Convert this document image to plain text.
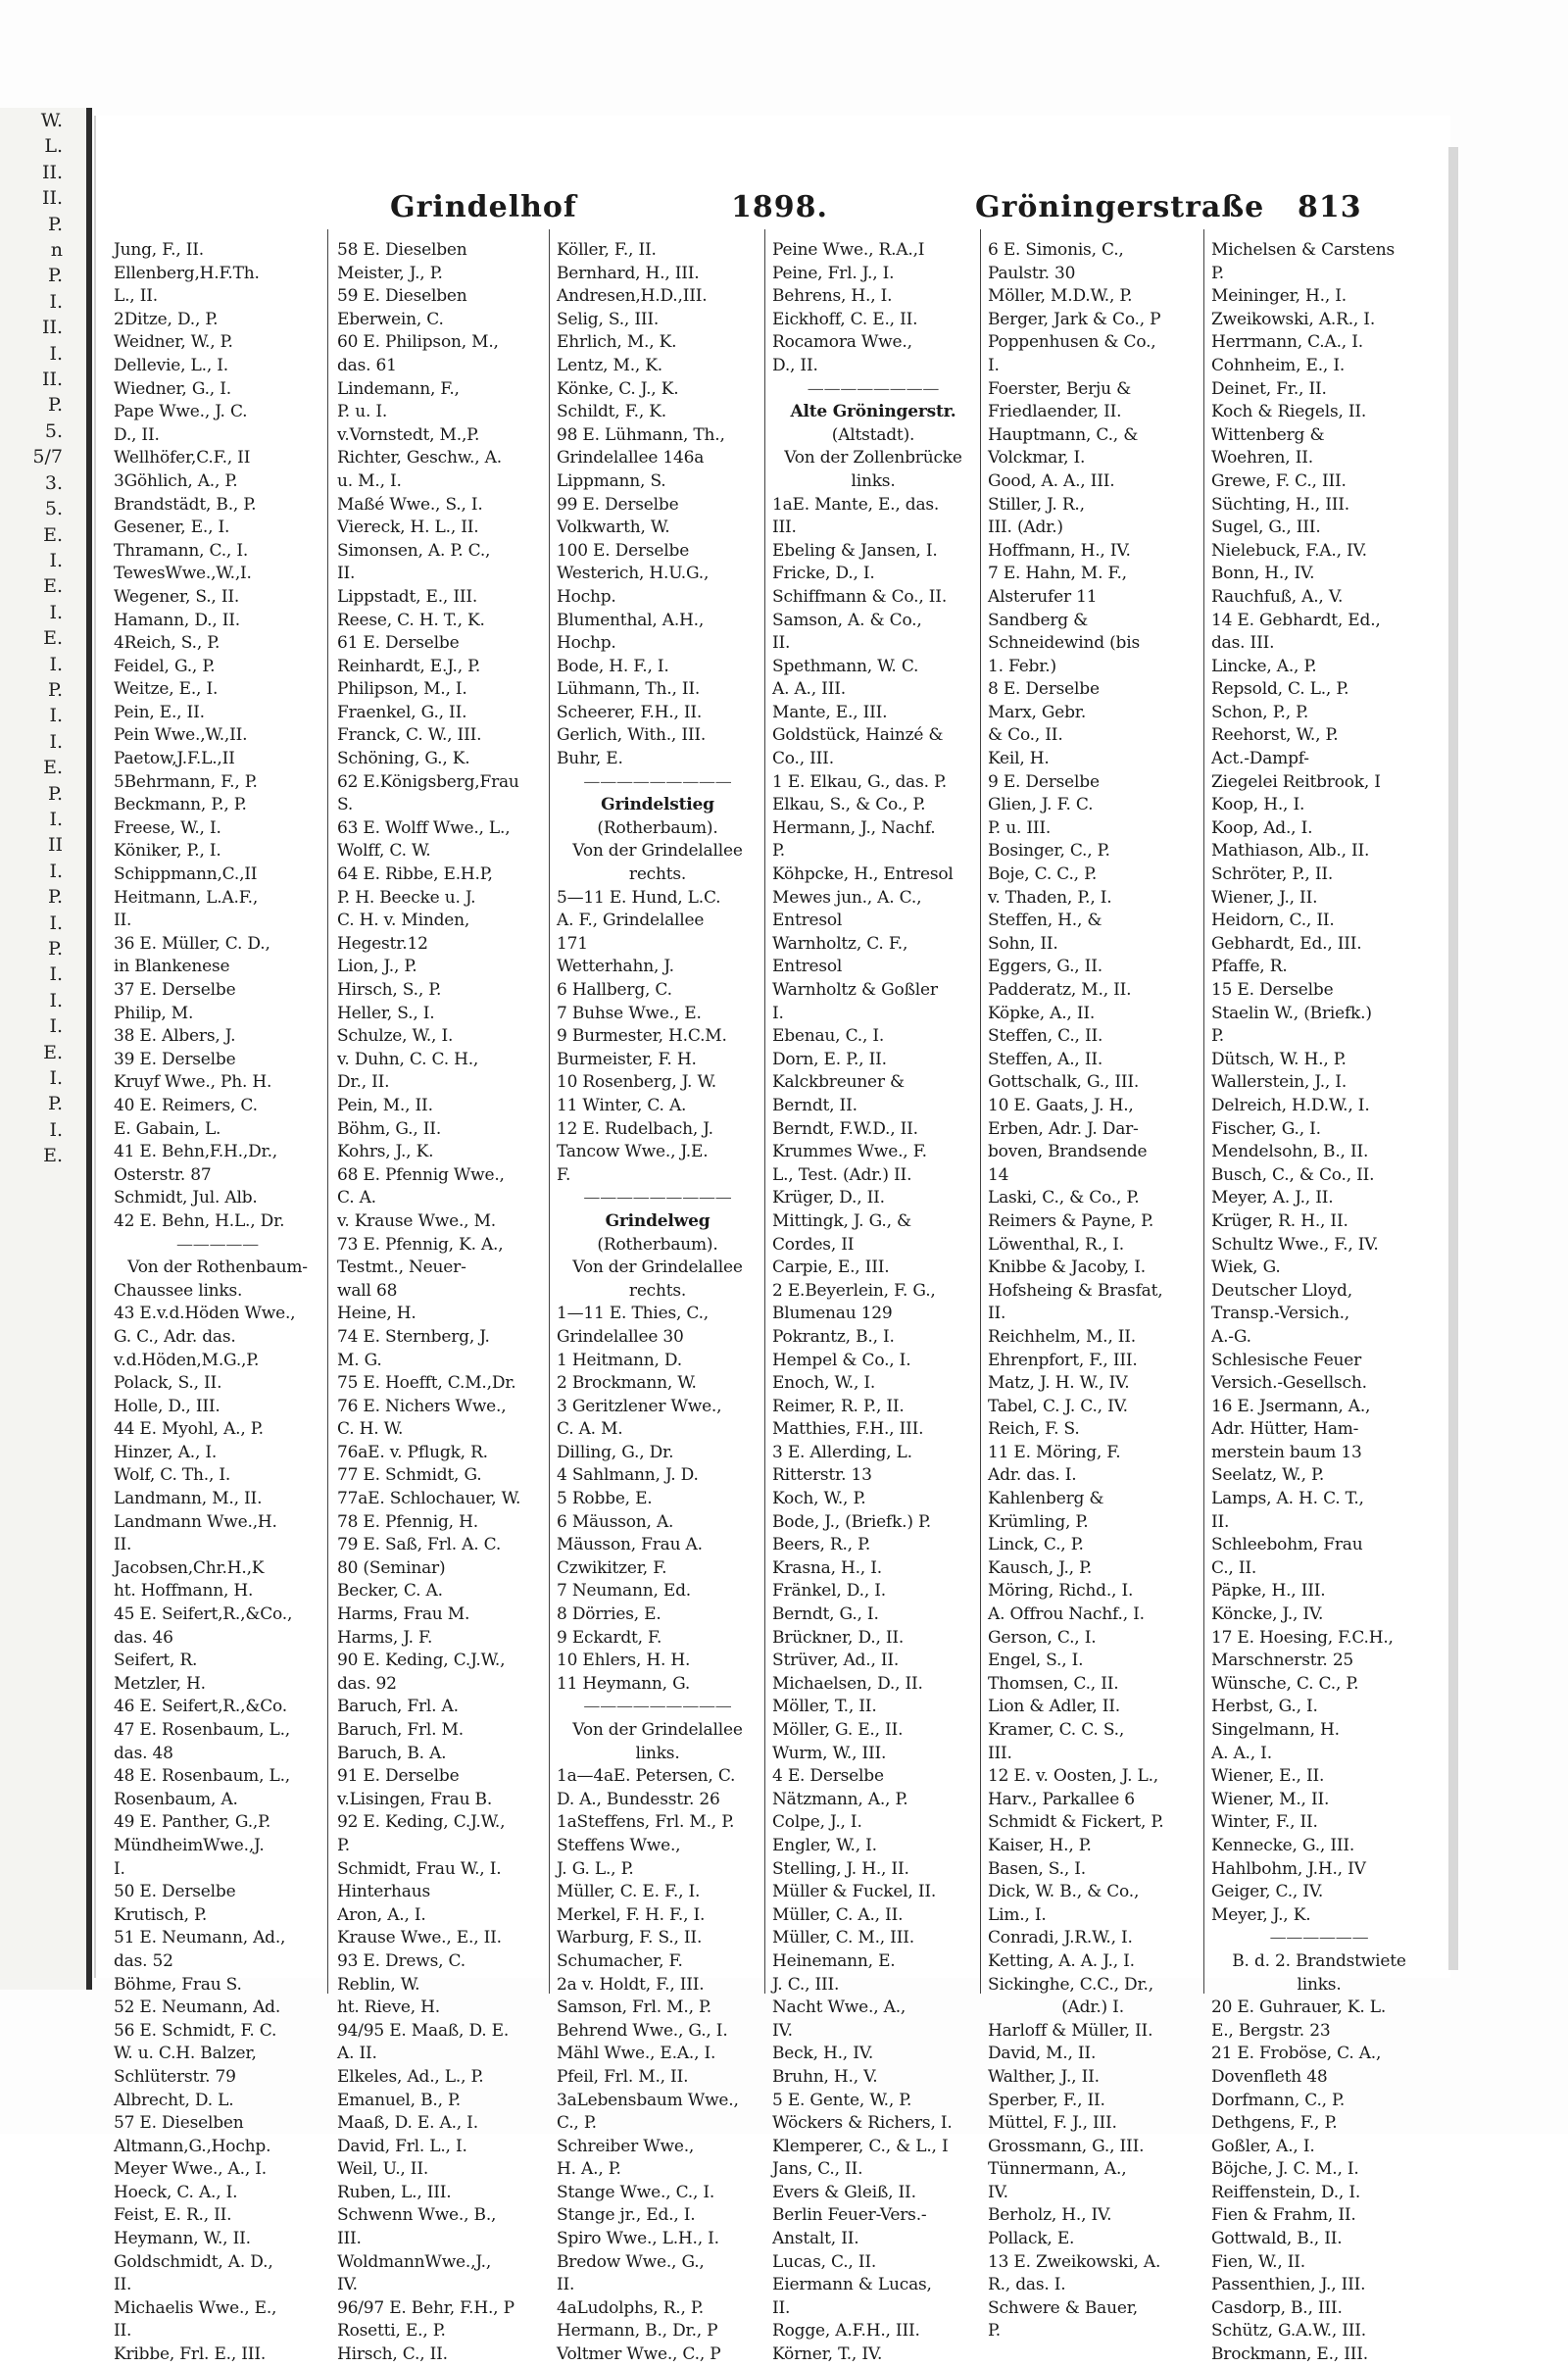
W.
L.
II.
II.
P.
n
P.
I.
II.
I.
II.
P.
5.
5/7
3.
5.
E.
I.
E.
I.
E.
I.
P.
I.
I.
E.
P.
I.
II
I.
P.
I.
P.
I.
I.
I.
E.
I.
P.
I.
E.
Grindelhof	1898.	Gröningerstraße 813
Jung, F., II.
Ellenberg,H.F.Th.
L., II.
2Ditze, D., P.
Weidner, W., P.
Dellevie, L., I.
Wiedner, G., I.
Pape Wwe., J. C.
D., II.
Wellhöfer,C.F., II
3Göhlich, A., P.
Brandstädt, B., P.
Gesener, E., I.
Thramann, C., I.
TewesWwe.,W.,I.
Wegener, S., II.
Hamann, D., II.
4Reich, S., P.
Feidel, G., P.
Weitze, E., I.
Pein, E., II.
Pein Wwe.,W.,II.
Paetow,J.F.L.,II
5Behrmann, F., P.
Beckmann, P., P.
Freese, W., I.
Köniker, P., I.
Schippmann,C.,II
Heitmann, L.A.F.,
II.
36 E. Müller, C. D.,
in Blankenese
37 E. Derselbe
Philip, M.
38 E. Albers, J.
39 E. Derselbe
Kruyf Wwe., Ph. H.
40 E. Reimers, C.
E. Gabain, L.
41 E. Behn,F.H.,Dr.,
Osterstr. 87
Schmidt, Jul. Alb.
42 E. Behn, H.L., Dr.
—————
Von der Rothenbaum-
Chaussee links.
43 E.v.d.Höden Wwe.,
G. C., Adr. das.
v.d.Höden,M.G.,P.
Polack, S., II.
Holle, D., III.
44 E. Myohl, A., P.
Hinzer, A., I.
Wolf, C. Th., I.
Landmann, M., II.
Landmann Wwe.,H.
II.
Jacobsen,Chr.H.,K
ht. Hoffmann, H.
45 E. Seifert,R.,&Co.,
das. 46
Seifert, R.
Metzler, H.
46 E. Seifert,R.,&Co.
47 E. Rosenbaum, L.,
das. 48
48 E. Rosenbaum, L.,
Rosenbaum, A.
49 E. Panther, G.,P.
MündheimWwe.,J.
I.
50 E. Derselbe
Krutisch, P.
51 E. Neumann, Ad.,
das. 52
Böhme, Frau S.
52 E. Neumann, Ad.
56 E. Schmidt, F. C.
W. u. C.H. Balzer,
Schlüterstr. 79
Albrecht, D. L.
57 E. Dieselben
Altmann,G.,Hochp.
Meyer Wwe., A., I.
Hoeck, C. A., I.
Feist, E. R., II.
Heymann, W., II.
Goldschmidt, A. D.,
II.
Michaelis Wwe., E.,
II.
Kribbe, Frl. E., III.
58 E. Dieselben
Meister, J., P.
59 E. Dieselben
Eberwein, C.
60 E. Philipson, M.,
das. 61
Lindemann, F.,
P. u. I.
v.Vornstedt, M.,P.
Richter, Geschw., A.
u. M., I.
Maßé Wwe., S., I.
Viereck, H. L., II.
Simonsen, A. P. C.,
II.
Lippstadt, E., III.
Reese, C. H. T., K.
61 E. Derselbe
Reinhardt, E.J., P.
Philipson, M., I.
Fraenkel, G., II.
Franck, C. W., III.
Schöning, G., K.
62 E.Königsberg,Frau
S.
63 E. Wolff Wwe., L.,
Wolff, C. W.
64 E. Ribbe, E.H.P,
P. H. Beecke u. J.
C. H. v. Minden,
Hegestr.12
Lion, J., P.
Hirsch, S., P.
Heller, S., I.
Schulze, W., I.
v. Duhn, C. C. H.,
Dr., II.
Pein, M., II.
Böhm, G., II.
Kohrs, J., K.
68 E. Pfennig Wwe.,
C. A.
v. Krause Wwe., M.
73 E. Pfennig, K. A.,
Testmt., Neuer-
wall 68
Heine, H.
74 E. Sternberg, J.
M. G.
75 E. Hoefft, C.M.,Dr.
76 E. Nichers Wwe.,
C. H. W.
76aE. v. Pflugk, R.
77 E. Schmidt, G.
77aE. Schlochauer, W.
78 E. Pfennig, H.
79 E. Saß, Frl. A. C.
80 (Seminar)
Becker, C. A.
Harms, Frau M.
Harms, J. F.
90 E. Keding, C.J.W.,
das. 92
Baruch, Frl. A.
Baruch, Frl. M.
Baruch, B. A.
91 E. Derselbe
v.Lisingen, Frau B.
92 E. Keding, C.J.W.,
P.
Schmidt, Frau W., I.
Hinterhaus
Aron, A., I.
Krause Wwe., E., II.
93 E. Drews, C.
Reblin, W.
ht. Rieve, H.
94/95 E. Maaß, D. E.
A. II.
Elkeles, Ad., L., P.
Emanuel, B., P.
Maaß, D. E. A., I.
David, Frl. L., I.
Weil, U., II.
Ruben, L., III.
Schwenn Wwe., B.,
III.
WoldmannWwe.,J.,
IV.
96/97 E. Behr, F.H., P
Rosetti, E., P.
Hirsch, C., II.
Köller, F., II.
Bernhard, H., III.
Andresen,H.D.,III.
Selig, S., III.
Ehrlich, M., K.
Lentz, M., K.
Könke, C. J., K.
Schildt, F., K.
98 E. Lühmann, Th.,
Grindelallee 146a
Lippmann, S.
99 E. Derselbe
Volkwarth, W.
100 E. Derselbe
Westerich, H.U.G.,
Hochp.
Blumenthal, A.H.,
Hochp.
Bode, H. F., I.
Lühmann, Th., II.
Scheerer, F.H., II.
Gerlich, With., III.
Buhr, E.
—————————
Grindelstieg
(Rotherbaum).
Von der Grindelallee
rechts.
5—11 E. Hund, L.C.
A. F., Grindelallee
171
Wetterhahn, J.
6 Hallberg, C.
7 Buhse Wwe., E.
9 Burmester, H.C.M.
Burmeister, F. H.
10 Rosenberg, J. W.
11 Winter, C. A.
12 E. Rudelbach, J.
Tancow Wwe., J.E.
F.
—————————
Grindelweg
(Rotherbaum).
Von der Grindelallee
rechts.
1—11 E. Thies, C.,
Grindelallee 30
1 Heitmann, D.
2 Brockmann, W.
3 Geritzlener Wwe.,
C. A. M.
Dilling, G., Dr.
4 Sahlmann, J. D.
5 Robbe, E.
6 Mäusson, A.
Mäusson, Frau A.
Czwikitzer, F.
7 Neumann, Ed.
8 Dörries, E.
9 Eckardt, F.
10 Ehlers, H. H.
11 Heymann, G.
—————————
Von der Grindelallee
links.
1a—4aE. Petersen, C.
D. A., Bundesstr. 26
1aSteffens, Frl. M., P.
Steffens Wwe.,
J. G. L., P.
Müller, C. E. F., I.
Merkel, F. H. F., I.
Warburg, F. S., II.
Schumacher, F.
2a v. Holdt, F., III.
Samson, Frl. M., P.
Behrend Wwe., G., I.
Mähl Wwe., E.A., I.
Pfeil, Frl. M., II.
3aLebensbaum Wwe.,
C., P.
Schreiber Wwe.,
H. A., P.
Stange Wwe., C., I.
Stange jr., Ed., I.
Spiro Wwe., L.H., I.
Bredow Wwe., G.,
II.
4aLudolphs, R., P.
Hermann, B., Dr., P
Voltmer Wwe., C., P
Peine Wwe., R.A.,I
Peine, Frl. J., I.
Behrens, H., I.
Eickhoff, C. E., II.
Rocamora Wwe.,
D., II.
————————
Alte Gröningerstr.
(Altstadt).
Von der Zollenbrücke
links.
1aE. Mante, E., das.
III.
Ebeling & Jansen, I.
Fricke, D., I.
Schiffmann & Co., II.
Samson, A. & Co.,
II.
Spethmann, W. C.
A. A., III.
Mante, E., III.
Goldstück, Hainzé &
Co., III.
1 E. Elkau, G., das. P.
Elkau, S., & Co., P.
Hermann, J., Nachf.
P.
Köhpcke, H., Entresol
Mewes jun., A. C.,
Entresol
Warnholtz, C. F.,
Entresol
Warnholtz & Goßler
I.
Ebenau, C., I.
Dorn, E. P., II.
Kalckbreuner &
Berndt, II.
Berndt, F.W.D., II.
Krummes Wwe., F.
L., Test. (Adr.) II.
Krüger, D., II.
Mittingk, J. G., &
Cordes, II
Carpie, E., III.
2 E.Beyerlein, F. G.,
Blumenau 129
Pokrantz, B., I.
Hempel & Co., I.
Enoch, W., I.
Reimer, R. P., II.
Matthies, F.H., III.
3 E. Allerding, L.
Ritterstr. 13
Koch, W., P.
Bode, J., (Briefk.) P.
Beers, R., P.
Krasna, H., I.
Fränkel, D., I.
Berndt, G., I.
Brückner, D., II.
Strüver, Ad., II.
Michaelsen, D., II.
Möller, T., II.
Möller, G. E., II.
Wurm, W., III.
4 E. Derselbe
Nätzmann, A., P.
Colpe, J., I.
Engler, W., I.
Stelling, J. H., II.
Müller & Fuckel, II.
Müller, C. A., II.
Müller, C. M., III.
Heinemann, E.
J. C., III.
Nacht Wwe., A.,
IV.
Beck, H., IV.
Bruhn, H., V.
5 E. Gente, W., P.
Wöckers & Richers, I.
Klemperer, C., & L., I
Jans, C., II.
Evers & Gleiß, II.
Berlin Feuer-Vers.-
Anstalt, II.
Lucas, C., II.
Eiermann & Lucas,
II.
Rogge, A.F.H., III.
Körner, T., IV.
6 E. Simonis, C.,
Paulstr. 30
Möller, M.D.W., P.
Berger, Jark & Co., P
Poppenhusen & Co.,
I.
Foerster, Berju &
Friedlaender, II.
Hauptmann, C., &
Volckmar, I.
Good, A. A., III.
Stiller, J. R.,
III. (Adr.)
Hoffmann, H., IV.
7 E. Hahn, M. F.,
Alsterufer 11
Sandberg &
Schneidewind (bis
1. Febr.)
8 E. Derselbe
Marx, Gebr.
& Co., II.
Keil, H.
9 E. Derselbe
Glien, J. F. C.
P. u. III.
Bosinger, C., P.
Boje, C. C., P.
v. Thaden, P., I.
Steffen, H., &
Sohn, II.
Eggers, G., II.
Padderatz, M., II.
Köpke, A., II.
Steffen, C., II.
Steffen, A., II.
Gottschalk, G., III.
10 E. Gaats, J. H.,
Erben, Adr. J. Dar-
boven, Brandsende
14
Laski, C., & Co., P.
Reimers & Payne, P.
Löwenthal, R., I.
Knibbe & Jacoby, I.
Hofsheing & Brasfat,
II.
Reichhelm, M., II.
Ehrenpfort, F., III.
Matz, J. H. W., IV.
Tabel, C. J. C., IV.
Reich, F. S.
11 E. Möring, F.
Adr. das. I.
Kahlenberg &
Krümling, P.
Linck, C., P.
Kausch, J., P.
Möring, Richd., I.
A. Offrou Nachf., I.
Gerson, C., I.
Engel, S., I.
Thomsen, C., II.
Lion & Adler, II.
Kramer, C. C. S.,
III.
12 E. v. Oosten, J. L.,
Harv., Parkallee 6
Schmidt & Fickert, P.
Kaiser, H., P.
Basen, S., I.
Dick, W. B., & Co.,
Lim., I.
Conradi, J.R.W., I.
Ketting, A. A. J., I.
Sickinghe, C.C., Dr.,
(Adr.) I.
Harloff & Müller, II.
David, M., II.
Walther, J., II.
Sperber, F., II.
Müttel, F. J., III.
Grossmann, G., III.
Tünnermann, A.,
IV.
Berholz, H., IV.
Pollack, E.
13 E. Zweikowski, A.
R., das. I.
Schwere & Bauer,
P.
Michelsen & Carstens
P.
Meininger, H., I.
Zweikowski, A.R., I.
Herrmann, C.A., I.
Cohnheim, E., I.
Deinet, Fr., II.
Koch & Riegels, II.
Wittenberg &
Woehren, II.
Grewe, F. C., III.
Süchting, H., III.
Sugel, G., III.
Nielebuck, F.A., IV.
Bonn, H., IV.
Rauchfuß, A., V.
14 E. Gebhardt, Ed.,
das. III.
Lincke, A., P.
Repsold, C. L., P.
Schon, P., P.
Reehorst, W., P.
Act.-Dampf-
Ziegelei Reitbrook, I
Koop, H., I.
Koop, Ad., I.
Mathiason, Alb., II.
Schröter, P., II.
Wiener, J., II.
Heidorn, C., II.
Gebhardt, Ed., III.
Pfaffe, R.
15 E. Derselbe
Staelin W., (Briefk.)
P.
Dütsch, W. H., P.
Wallerstein, J., I.
Delreich, H.D.W., I.
Fischer, G., I.
Mendelsohn, B., II.
Busch, C., & Co., II.
Meyer, A. J., II.
Krüger, R. H., II.
Schultz Wwe., F., IV.
Wiek, G.
Deutscher Lloyd,
Transp.-Versich.,
A.-G.
Schlesische Feuer
Versich.-Gesellsch.
16 E. Jsermann, A.,
Adr. Hütter, Ham-
merstein baum 13
Seelatz, W., P.
Lamps, A. H. C. T.,
II.
Schleebohm, Frau
C., II.
Päpke, H., III.
Köncke, J., IV.
17 E. Hoesing, F.C.H.,
Marschnerstr. 25
Wünsche, C. C., P.
Herbst, G., I.
Singelmann, H.
A. A., I.
Wiener, E., II.
Wiener, M., II.
Winter, F., II.
Kennecke, G., III.
Hahlbohm, J.H., IV
Geiger, C., IV.
Meyer, J., K.
——————
B. d. 2. Brandstwiete
links.
20 E. Guhrauer, K. L.
E., Bergstr. 23
21 E. Froböse, C. A.,
Dovenfleth 48
Dorfmann, C., P.
Dethgens, F., P.
Goßler, A., I.
Böjche, J. C. M., I.
Reiffenstein, D., I.
Fien & Frahm, II.
Gottwald, B., II.
Fien, W., II.
Passenthien, J., III.
Casdorp, B., III.
Schütz, G.A.W., III.
Brockmann, E., III.
